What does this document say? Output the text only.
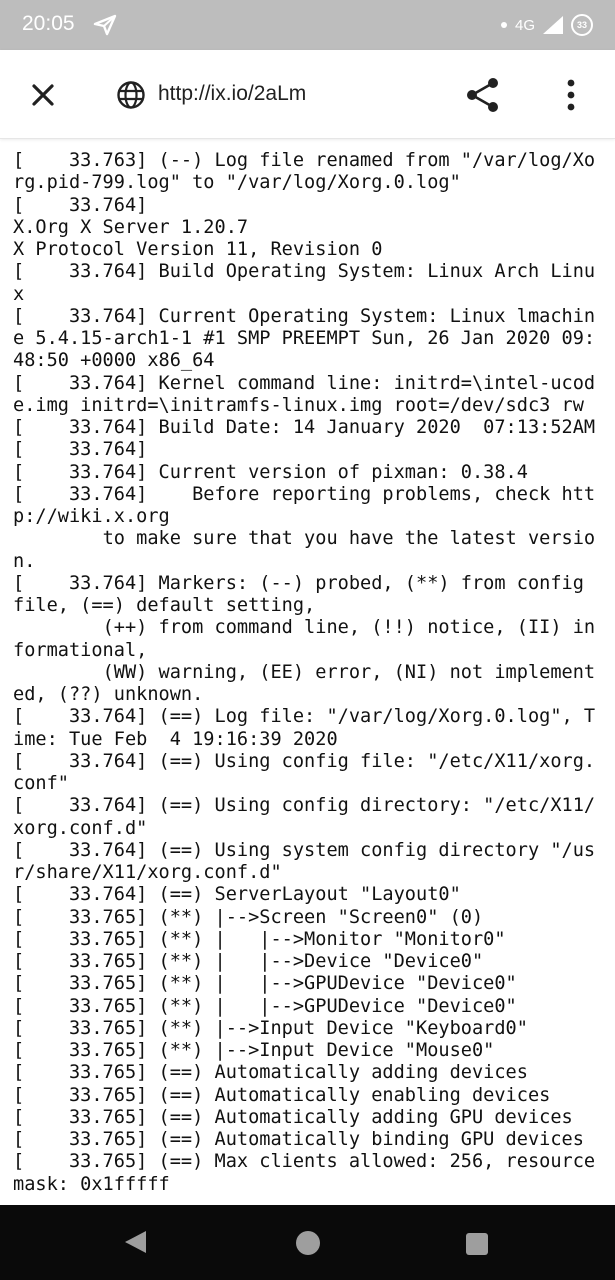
20:05	4G	33
http://ix.io/2aLm
[    33.763] (--) Log file renamed from "/var/log/Xorg.pid-799.log" to "/var/log/Xorg.0.log"
[    33.764]
X.Org X Server 1.20.7
X Protocol Version 11, Revision 0
[    33.764] Build Operating System: Linux Arch Linux
[    33.764] Current Operating System: Linux lmachine 5.4.15-arch1-1 #1 SMP PREEMPT Sun, 26 Jan 2020 09:48:50 +0000 x86_64
[    33.764] Kernel command line: initrd=\intel-ucode.img initrd=\initramfs-linux.img root=/dev/sdc3 rw
[    33.764] Build Date: 14 January 2020  07:13:52AM
[    33.764]
[    33.764] Current version of pixman: 0.38.4
[    33.764]    Before reporting problems, check http://wiki.x.org
to make sure that you have the latest version.
[    33.764] Markers: (--) probed, (**) from config file, (==) default setting,
(++) from command line, (!!) notice, (II) informational,
(WW) warning, (EE) error, (NI) not implemented, (??) unknown.
[    33.764] (==) Log file: "/var/log/Xorg.0.log", Time: Tue Feb  4 19:16:39 2020
[    33.764] (==) Using config file: "/etc/X11/xorg.conf"
[    33.764] (==) Using config directory: "/etc/X11/xorg.conf.d"
[    33.764] (==) Using system config directory "/usr/share/X11/xorg.conf.d"
[    33.764] (==) ServerLayout "Layout0"
[    33.765] (**) |-->Screen "Screen0" (0)
[    33.765] (**) |   |-->Monitor "Monitor0"
[    33.765] (**) |   |-->Device "Device0"
[    33.765] (**) |   |-->GPUDevice "Device0"
[    33.765] (**) |   |-->GPUDevice "Device0"
[    33.765] (**) |-->Input Device "Keyboard0"
[    33.765] (**) |-->Input Device "Mouse0"
[    33.765] (==) Automatically adding devices
[    33.765] (==) Automatically enabling devices
[    33.765] (==) Automatically adding GPU devices
[    33.765] (==) Automatically binding GPU devices
[    33.765] (==) Max clients allowed: 256, resource mask: 0x1fffff
